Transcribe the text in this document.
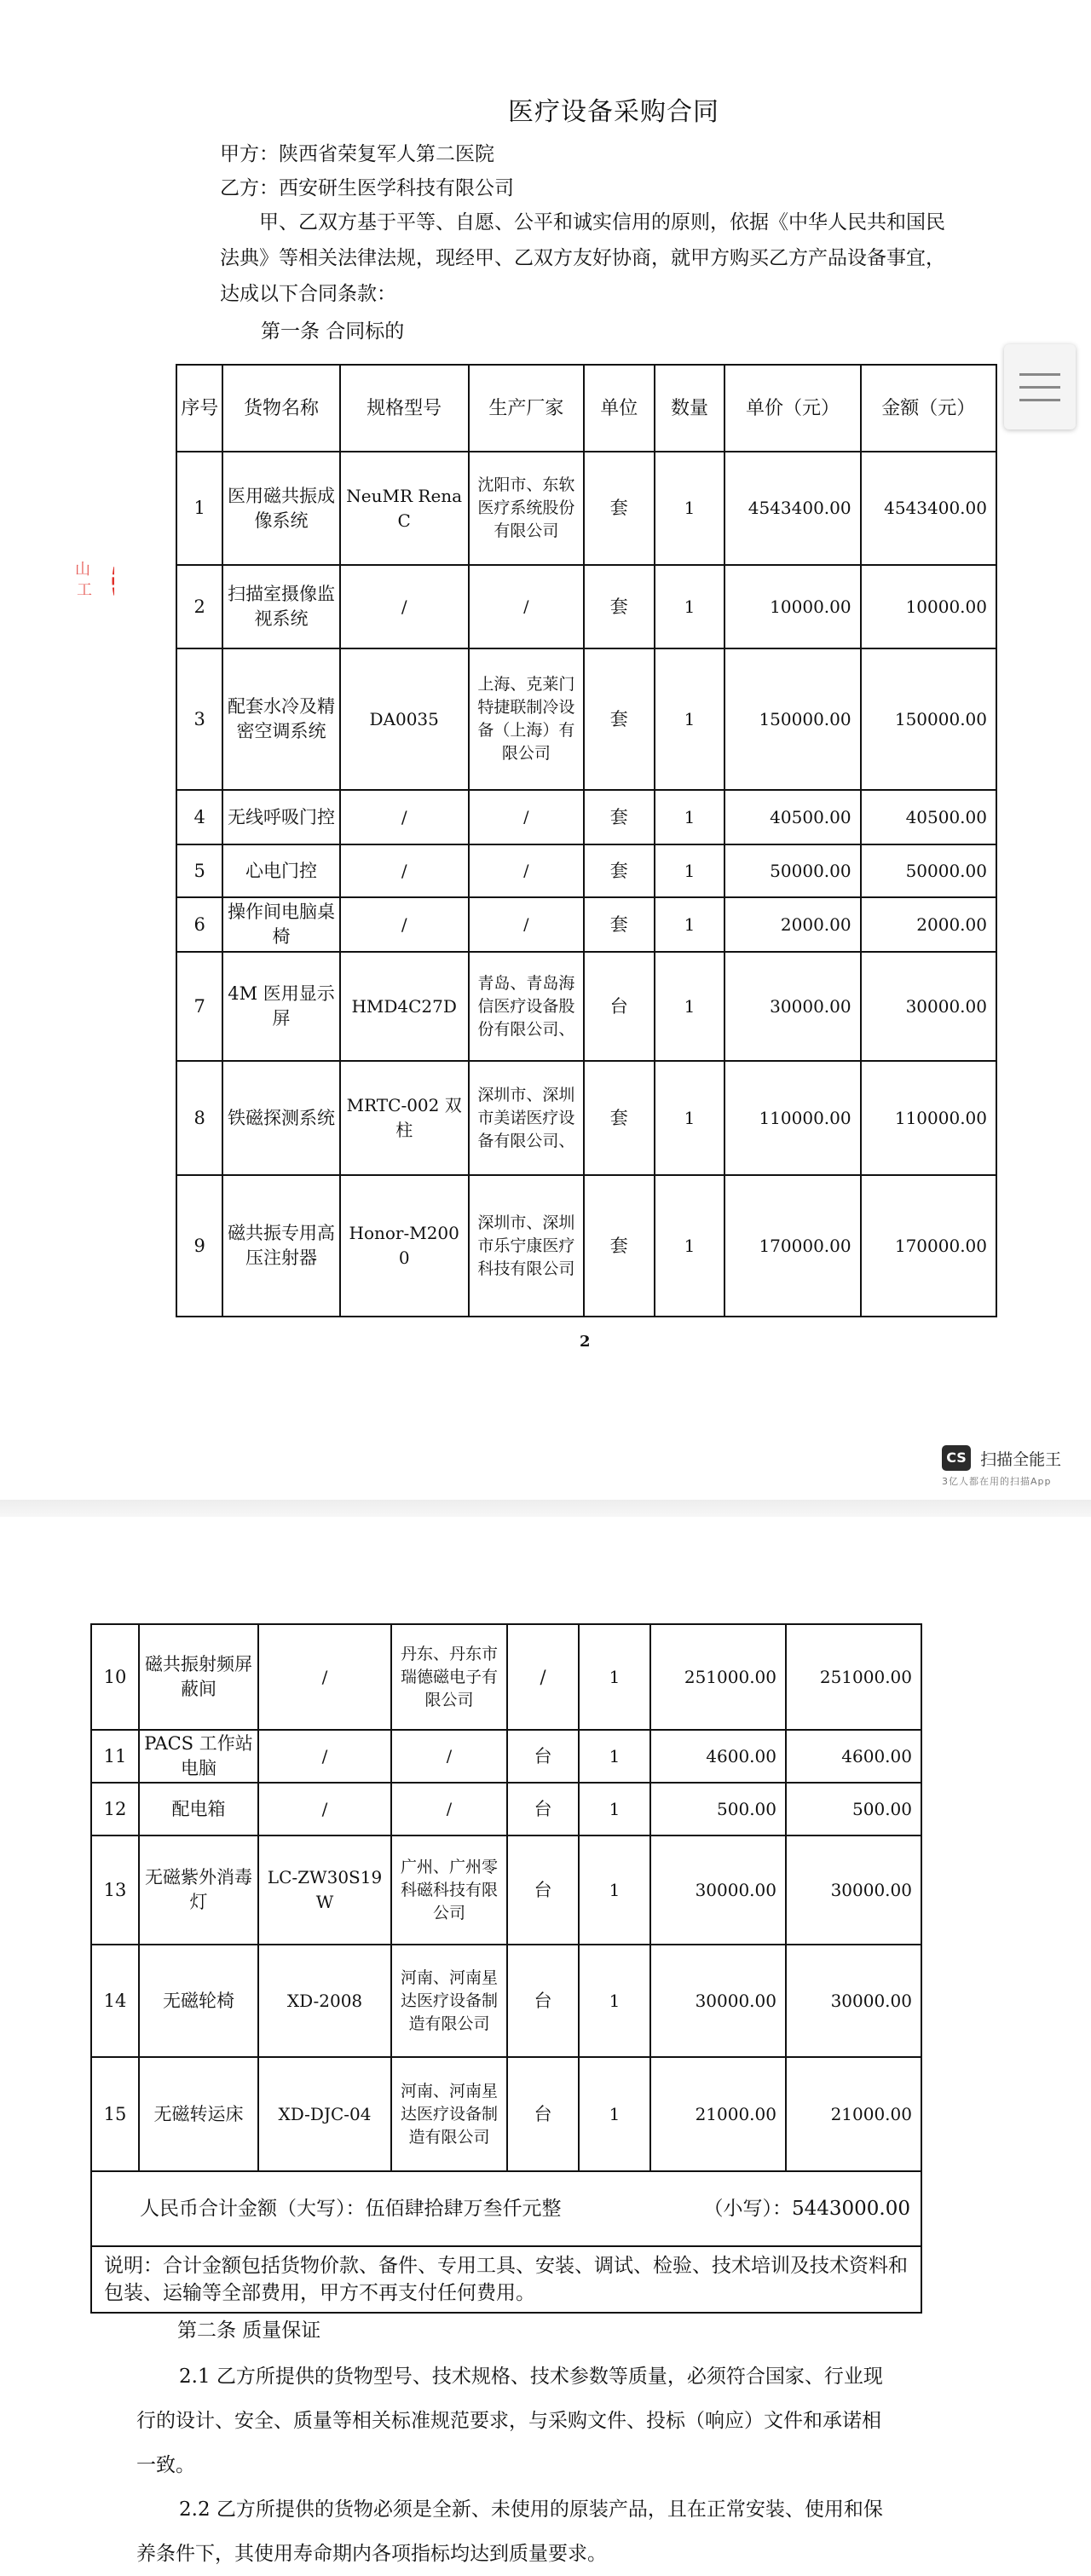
医疗设备采购合同
甲方：陕西省荣复军人第二医院
乙方：西安研生医学科技有限公司
甲、乙双方基于平等、自愿、公平和诚实信用的原则，依据《中华人民共和国民法典》等相关法律法规，现经甲、乙双方友好协商，就甲方购买乙方产品设备事宜，达成以下合同条款：
第一条 合同标的
山
工
序号	货物名称	规格型号	生产厂家	单位	数量	单价（元）	金额（元）
1	医用磁共振成像系统	NeuMR Rena C	沈阳市、东软医疗系统股份有限公司	套	1	4543400.00	4543400.00
2	扫描室摄像监视系统	/	/	套	1	10000.00	10000.00
3	配套水冷及精密空调系统	DA0035	上海、克莱门特捷联制冷设备（上海）有限公司	套	1	150000.00	150000.00
4	无线呼吸门控	/	/	套	1	40500.00	40500.00
5	心电门控	/	/	套	1	50000.00	50000.00
6	操作间电脑桌椅	/	/	套	1	2000.00	2000.00
7	4M 医用显示屏	HMD4C27D	青岛、青岛海信医疗设备股份有限公司、	台	1	30000.00	30000.00
8	铁磁探测系统	MRTC-002 双柱	深圳市、深圳市美诺医疗设备有限公司、	套	1	110000.00	110000.00
9	磁共振专用高压注射器	Honor-M2000	深圳市、深圳市乐宁康医疗科技有限公司	套	1	170000.00	170000.00
2
CS 扫描全能王
3亿人都在用的扫描App
10	磁共振射频屏蔽间	/	丹东、丹东市瑞德磁电子有限公司	/	1	251000.00	251000.00
11	PACS 工作站电脑	/	/	台	1	4600.00	4600.00
12	配电箱	/	/	台	1	500.00	500.00
13	无磁紫外消毒灯	LC-ZW30S19W	广州、广州零科磁科技有限公司	台	1	30000.00	30000.00
14	无磁轮椅	XD-2008	河南、河南星达医疗设备制造有限公司	台	1	30000.00	30000.00
15	无磁转运床	XD-DJC-04	河南、河南星达医疗设备制造有限公司	台	1	21000.00	21000.00
人民币合计金额（大写）：伍佰肆拾肆万叁仟元整 （小写）：5443000.00							

说明：合计金额包括货物价款、备件、专用工具、安装、调试、检验、技术培训及技术资料和包装、运输等全部费用，甲方不再支付任何费用。							
第二条 质量保证
2.1 乙方所提供的货物型号、技术规格、技术参数等质量，必须符合国家、行业现行的设计、安全、质量等相关标准规范要求，与采购文件、投标（响应）文件和承诺相一致。
2.2 乙方所提供的货物必须是全新、未使用的原装产品，且在正常安装、使用和保养条件下，其使用寿命期内各项指标均达到质量要求。
